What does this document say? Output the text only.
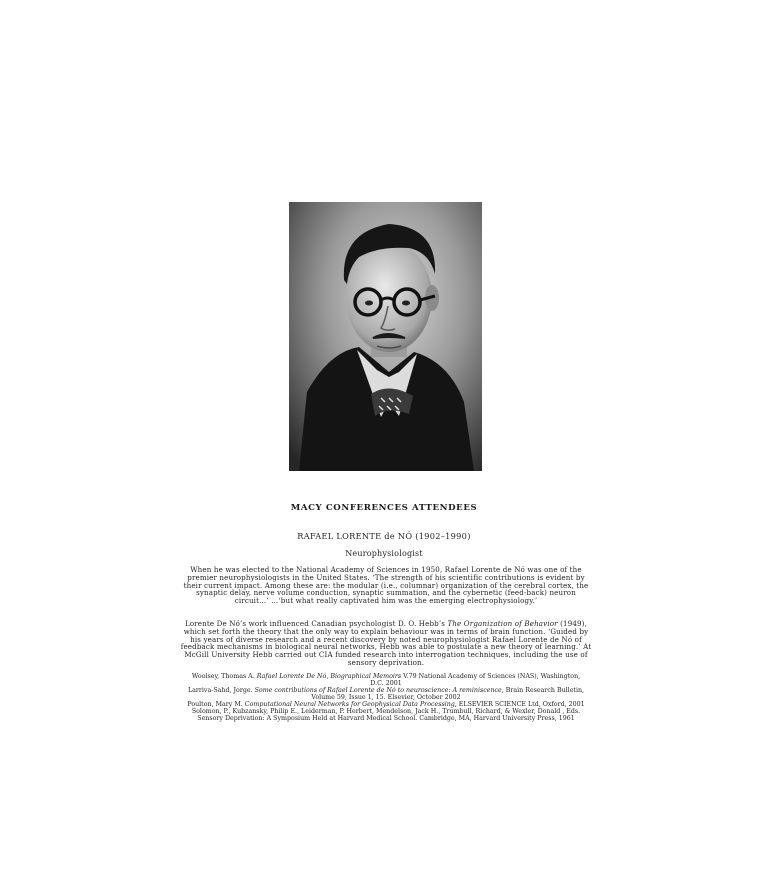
MACY CONFERENCES ATTENDEES
RAFAEL LORENTE de NÓ (1902–1990)
Neurophysiologist

When he was elected to the National Academy of Sciences in 1950, Rafael Lorente de Nó was one of the premier neurophysiologists in the United States. ‘The strength of his scientific contributions is evident by their current impact. Among these are: the modular (i.e., columnar) organization of the cerebral cortex, the synaptic delay, nerve volume conduction, synaptic summation, and the cybernetic (feed-back) neuron circuit…’ …‘but what really captivated him was the emerging electrophysiology.’

Lorente De Nó’s work influenced Canadian psychologist D. O. Hebb’s The Organization of Behavior (1949), which set forth the theory that the only way to explain behaviour was in terms of brain function. ‘Guided by his years of diverse research and a recent discovery by noted neurophysiologist Rafael Lorente de Nó of feedback mechanisms in biological neural networks, Hebb was able to postulate a new theory of learning.’ At McGill University Hebb carried out CIA funded research into interrogation techniques, including the use of sensory deprivation.

Woolsey, Thomas A. Rafael Lorente De Nó, Biographical Memoirs V.79 National Academy of Sciences (NAS), Washington, D.C. 2001

Larriva-Sahd, Jorge. Some contributions of Rafael Lorente de Nó to neuroscience: A reminiscence, Brain Research Bulletin, Volume 59, Issue 1, 15. Elsevier, October 2002

Poulton, Mary M. Computational Neural Networks for Geophysical Data Processing, ELSEVIER SCIENCE Ltd, Oxford, 2001

Solomon, P., Kubzansky, Philip E., Leiderman, P. Herbert, Mendelson, Jack H., Trumbull, Richard, & Wexler, Donald , Eds. Sensory Deprivation: A Symposium Held at Harvard Medical School. Cambridge, MA, Harvard University Press, 1961
